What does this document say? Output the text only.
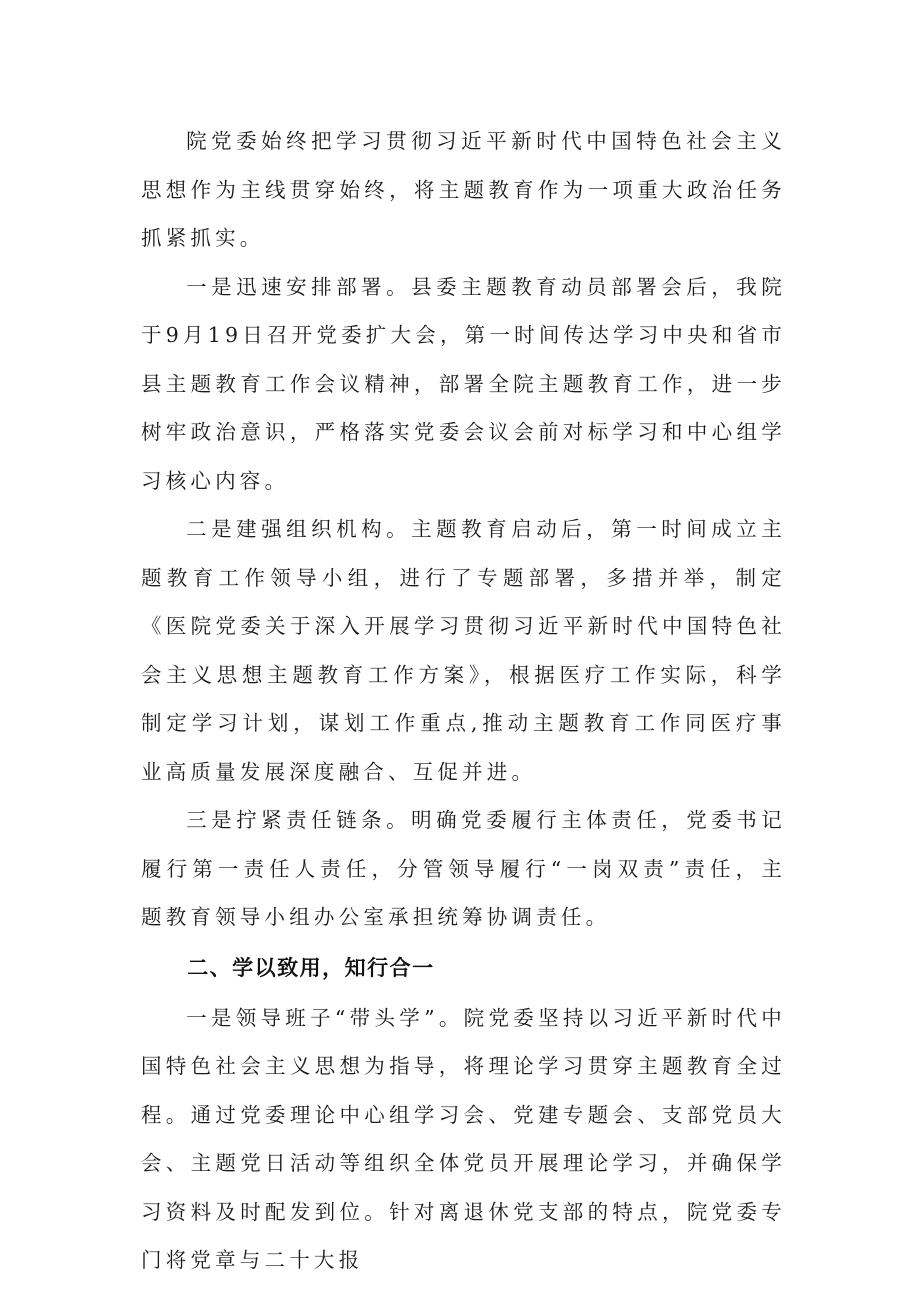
院党委始终把学习贯彻习近平新时代中国特色社会主义思想作为主线贯穿始终，将主题教育作为一项重大政治任务抓紧抓实。

一是迅速安排部署。县委主题教育动员部署会后，我院于9月19日召开党委扩大会，第一时间传达学习中央和省市县主题教育工作会议精神，部署全院主题教育工作，进一步树牢政治意识，严格落实党委会议会前对标学习和中心组学习核心内容。

二是建强组织机构。主题教育启动后，第一时间成立主题教育工作领导小组，进行了专题部署，多措并举，制定《医院党委关于深入开展学习贯彻习近平新时代中国特色社会主义思想主题教育工作方案》，根据医疗工作实际，科学制定学习计划，谋划工作重点,推动主题教育工作同医疗事业高质量发展深度融合、互促并进。

三是拧紧责任链条。明确党委履行主体责任，党委书记履行第一责任人责任，分管领导履行“一岗双责”责任，主题教育领导小组办公室承担统筹协调责任。

二、学以致用，知行合一

一是领导班子“带头学”。院党委坚持以习近平新时代中国特色社会主义思想为指导，将理论学习贯穿主题教育全过程。通过党委理论中心组学习会、党建专题会、支部党员大会、主题党日活动等组织全体党员开展理论学习，并确保学习资料及时配发到位。针对离退休党支部的特点，院党委专门将党章与二十大报
